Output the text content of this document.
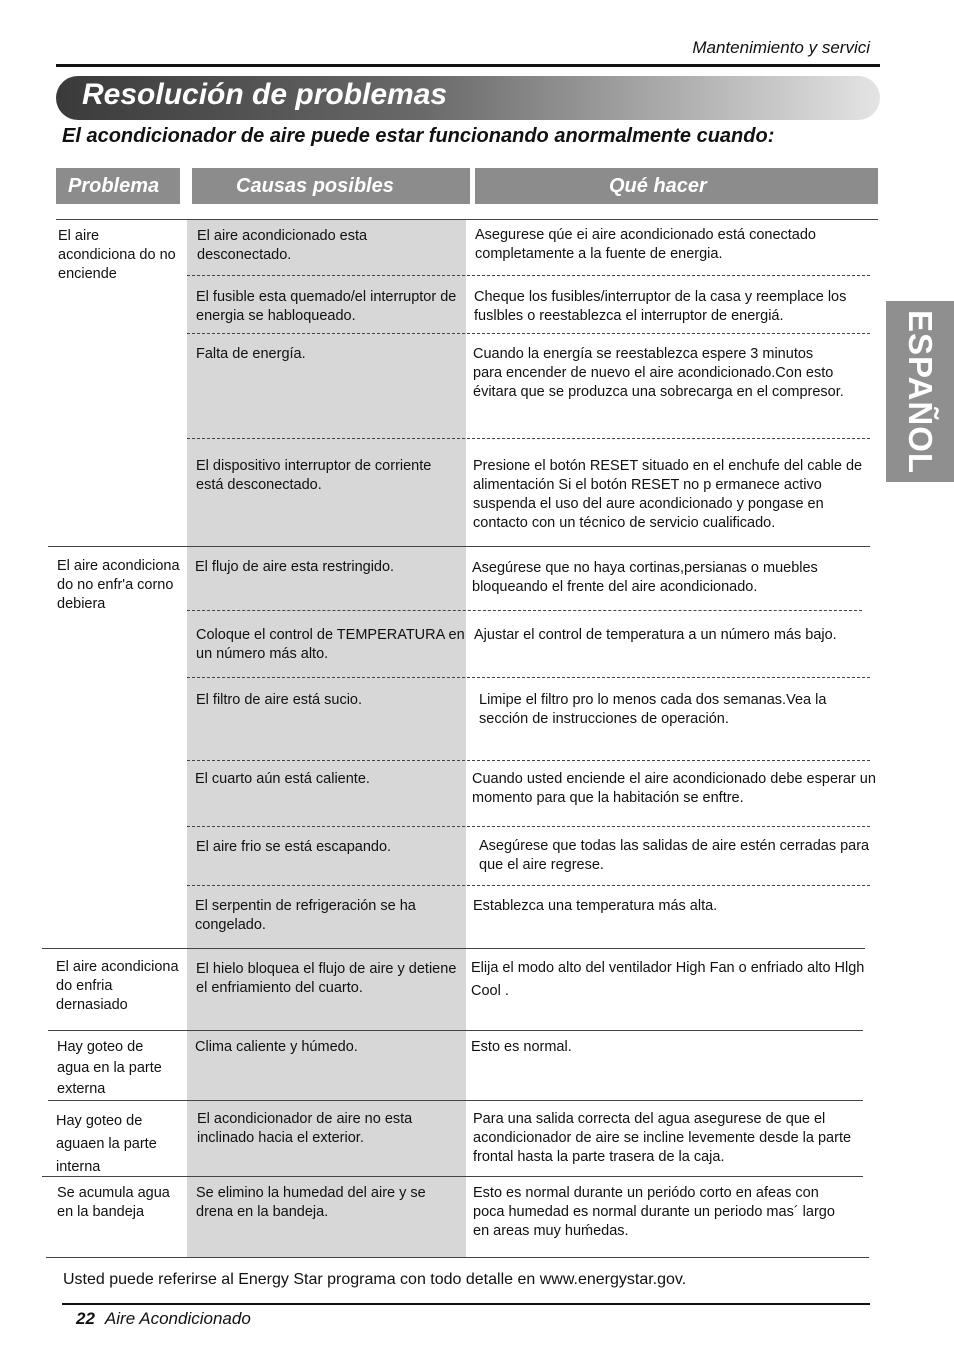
Mantenimiento y servici
Resolución de problemas
El acondicionador de aire puede estar funcionando anormalmente cuando:
Problema	Causas posibles	Qué hacer
ESPAÑOL
El aire acondiciona do no enciende
El aire acondiciona do no enfr'a corno debiera
El aire acondiciona do enfria dernasiado
Hay goteo de agua en la parte externa
Hay goteo de aguaen la parte interna
Se acumula agua en la bandeja
El aire acondicionado esta desconectado.
El fusible esta quemado/el interruptor de energia se habloqueado.
Falta de energía.
El dispositivo interruptor de corriente está desconectado.
El flujo de aire esta restringido.
Coloque el control de TEMPERATURA en un número más alto.
El filtro de aire está sucio.
El cuarto aún está caliente.
El aire frio se está escapando.
El serpentin de refrigeración se ha congelado.
El hielo bloquea el flujo de aire y detiene el enfriamiento del cuarto.
Clima caliente y húmedo.
El acondicionador de aire no esta inclinado hacia el exterior.
Se elimino la humedad del aire y se drena en la bandeja.
Asegurese qúe ei aire acondicionado está conectado completamente a la fuente de energia.
Cheque los fusibles/interruptor de la casa y reemplace los fuslbles o reestablezca el interruptor de energiá.
Cuando la energía se reestablezca espere 3 minutos para encender de nuevo el aire acondicionado.Con esto évitara que se produzca una sobrecarga en el compresor.
Presione el botón RESET situado en el enchufe del cable de alimentación Si el botón RESET no p ermanece activo suspenda el uso del aure acondicionado y pongase en contacto con un técnico de servicio cualificado.
Asegúrese que no haya cortinas,persianas o muebles bloqueando el frente del aire acondicionado.
Ajustar el control de temperatura a un número más bajo.
Limipe el filtro pro lo menos cada dos semanas.Vea la sección de instrucciones de operación.
Cuando usted enciende el aire acondicionado debe esperar un momento para que la habitación se enftre.
Asegúrese que todas las salidas de aire estén cerradas para que el aire regrese.
Establezca una temperatura más alta.
Elija el modo alto del ventilador High Fan o enfriado alto Hlgh Cool .
Esto es normal.
Para una salida correcta del agua asegurese de que el acondicionador de aire se incline levemente desde la parte frontal hasta la parte trasera de la caja.
Esto es normal durante un periódo corto en afeas con poca humedad es normal durante un periodo mas´ largo en areas muy huḿedas.
Usted puede referirse al Energy Star programa con todo detalle en www.energystar.gov.
22 Aire Acondicionado
